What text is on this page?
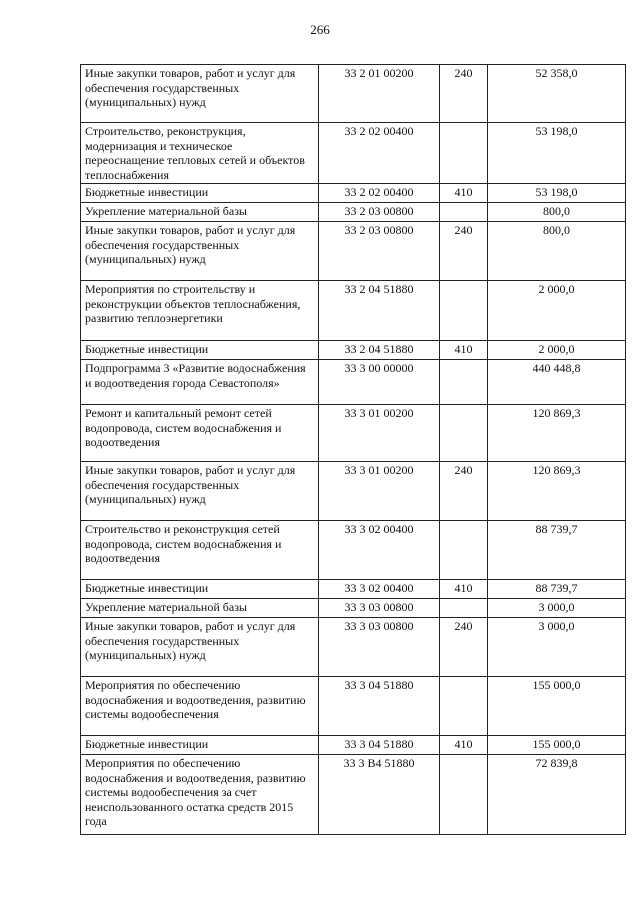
266
Иные закупки товаров, работ и услуг для обеспечения государственных (муниципальных) нужд	33 2 01 00200	240	52 358,0
Строительство, реконструкция, модернизация и техническое переоснащение тепловых сетей и объектов теплоснабжения	33 2 02 00400		53 198,0
Бюджетные инвестиции	33 2 02 00400	410	53 198,0
Укрепление материальной базы	33 2 03 00800		800,0
Иные закупки товаров, работ и услуг для обеспечения государственных (муниципальных) нужд	33 2 03 00800	240	800,0
Мероприятия по строительству и реконструкции объектов теплоснабжения, развитию теплоэнергетики	33 2 04 51880		2 000,0
Бюджетные инвестиции	33 2 04 51880	410	2 000,0
Подпрограмма 3 «Развитие водоснабжения и водоотведения города Севастополя»	33 3 00 00000		440 448,8
Ремонт и капитальный ремонт сетей водопровода, систем водоснабжения и водоотведения	33 3 01 00200		120 869,3
Иные закупки товаров, работ и услуг для обеспечения государственных (муниципальных) нужд	33 3 01 00200	240	120 869,3
Строительство и реконструкция сетей водопровода, систем водоснабжения и водоотведения	33 3 02 00400		88 739,7
Бюджетные инвестиции	33 3 02 00400	410	88 739,7
Укрепление материальной базы	33 3 03 00800		3 000,0
Иные закупки товаров, работ и услуг для обеспечения государственных (муниципальных) нужд	33 3 03 00800	240	3 000,0
Мероприятия по обеспечению водоснабжения и водоотведения, развитию системы водообеспечения	33 3 04 51880		155 000,0
Бюджетные инвестиции	33 3 04 51880	410	155 000,0
Мероприятия по обеспечению водоснабжения и водоотведения, развитию системы водообеспечения за счет неиспользованного остатка средств 2015 года	33 3 В4 51880		72 839,8
